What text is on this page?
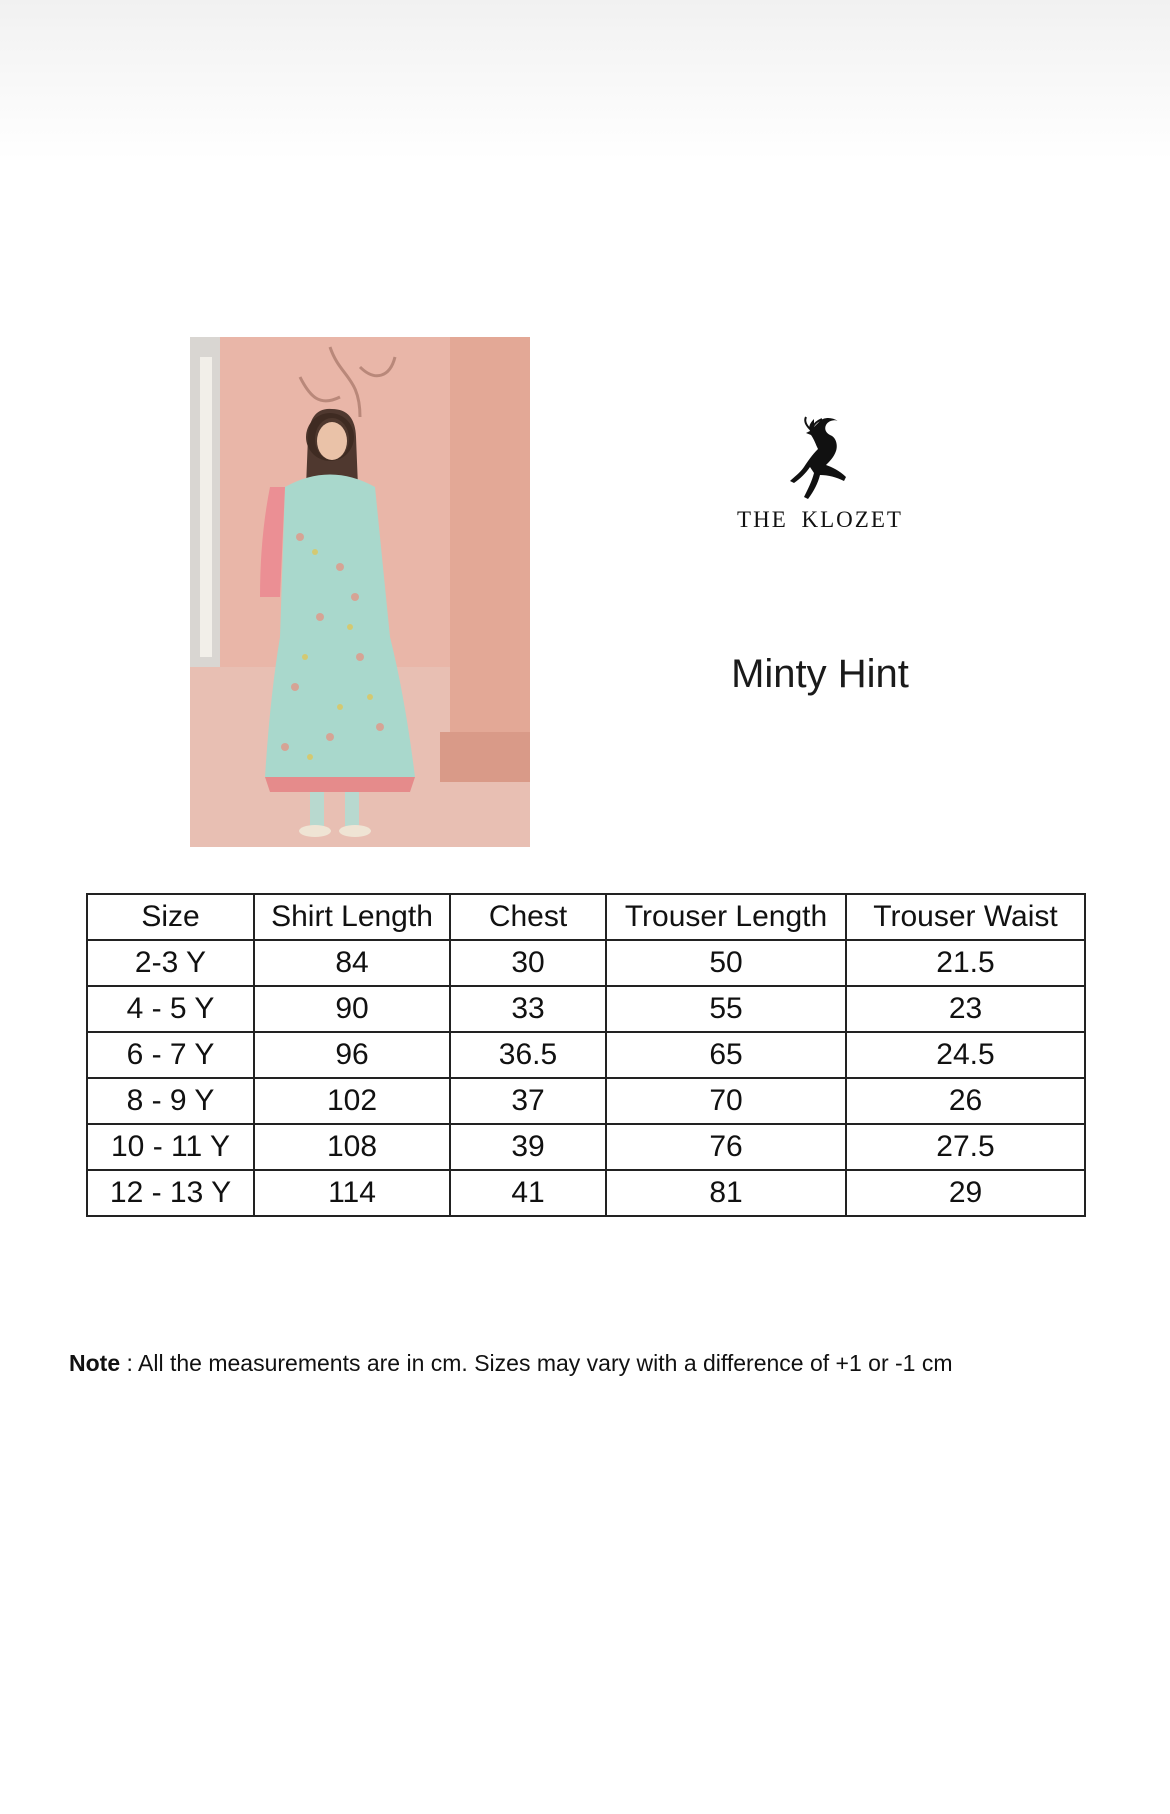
THE KLOZET
Minty Hint
Size	Shirt Length	Chest	Trouser Length	Trouser Waist
2-3 Y	84	30	50	21.5
4 - 5 Y	90	33	55	23
6 - 7 Y	96	36.5	65	24.5
8 - 9 Y	102	37	70	26
10 - 11 Y	108	39	76	27.5
12 - 13 Y	114	41	81	29

Note : All the measurements are in cm. Sizes may vary with a difference of +1 or -1 cm
